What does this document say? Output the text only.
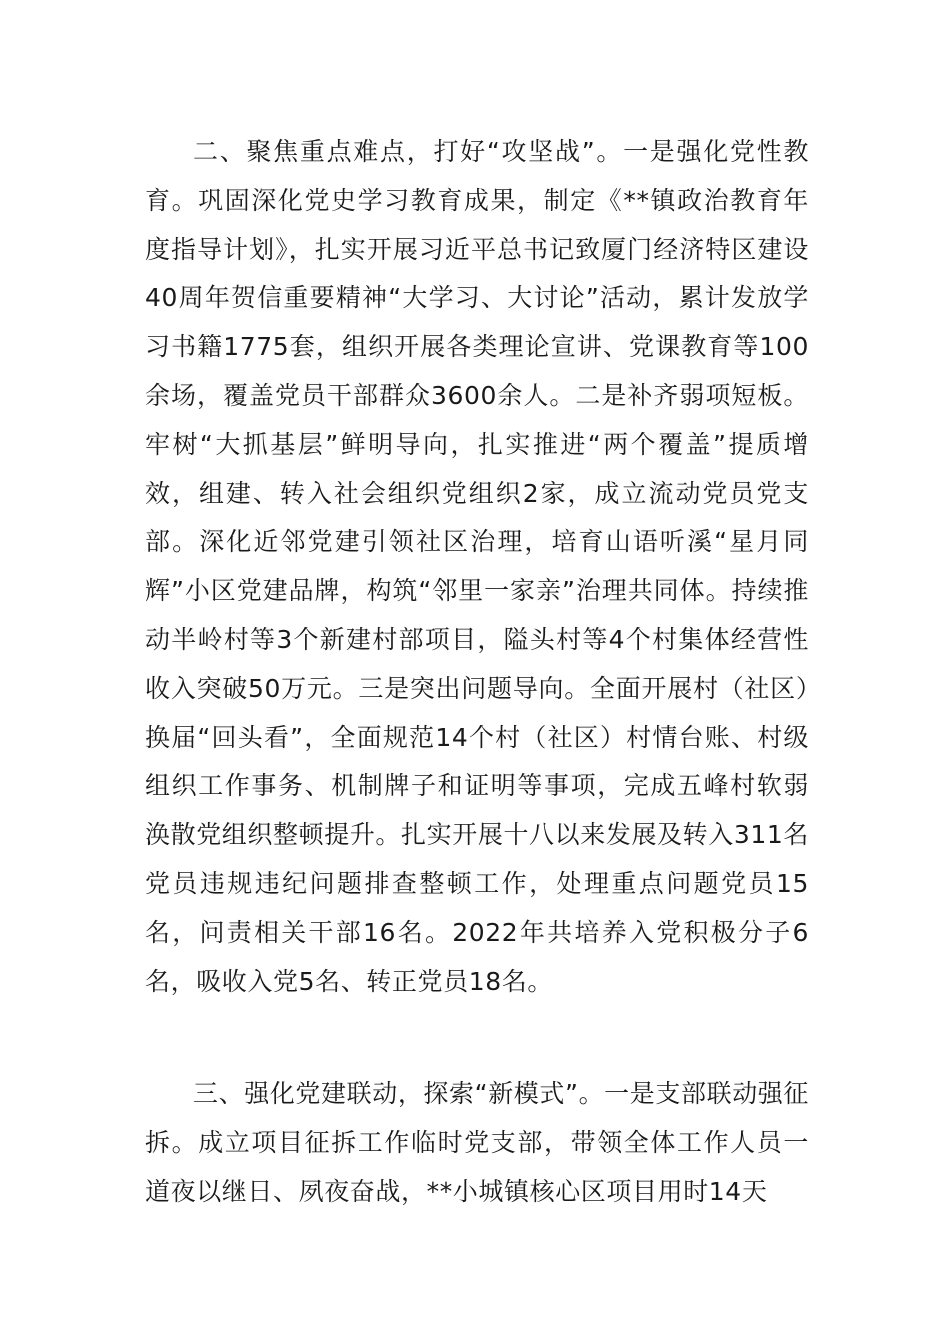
二、聚焦重点难点，打好“攻坚战”。一是强化党性教育。巩固深化党史学习教育成果，制定《**镇政治教育年度指导计划》，扎实开展习近平总书记致厦门经济特区建设40周年贺信重要精神“大学习、大讨论”活动，累计发放学习书籍1775套，组织开展各类理论宣讲、党课教育等100余场，覆盖党员干部群众3600余人。二是补齐弱项短板。牢树“大抓基层”鲜明导向，扎实推进“两个覆盖”提质增效，组建、转入社会组织党组织2家，成立流动党员党支部。深化近邻党建引领社区治理，培育山语听溪“星月同辉”小区党建品牌，构筑“邻里一家亲”治理共同体。持续推动半岭村等3个新建村部项目，隘头村等4个村集体经营性收入突破50万元。三是突出问题导向。全面开展村（社区）换届“回头看”，全面规范14个村（社区）村情台账、村级组织工作事务、机制牌子和证明等事项，完成五峰村软弱涣散党组织整顿提升。扎实开展十八以来发展及转入311名党员违规违纪问题排查整顿工作，处理重点问题党员15名，问责相关干部16名。2022年共培养入党积极分子6名，吸收入党5名、转正党员18名。

三、强化党建联动，探索“新模式”。一是支部联动强征拆。成立项目征拆工作临时党支部，带领全体工作人员一道夜以继日、夙夜奋战，**小城镇核心区项目用时14天
